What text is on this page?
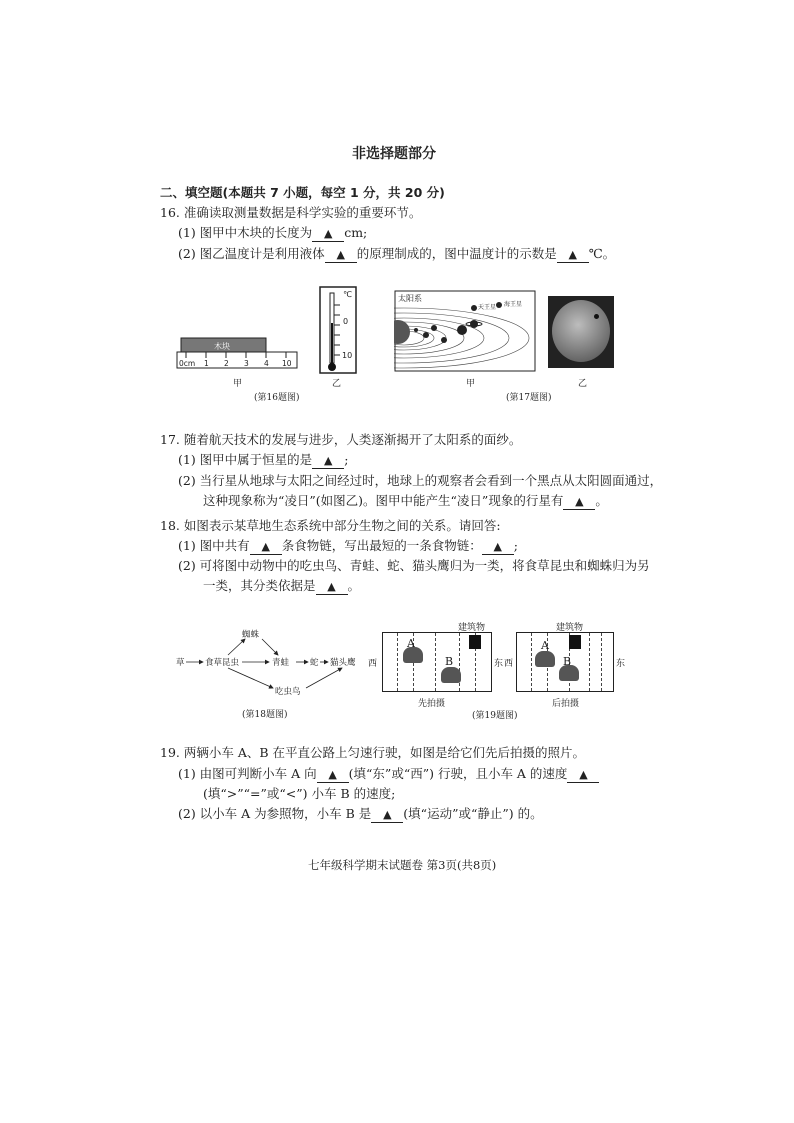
非选择题部分
二、填空题(本题共 7 小题，每空 1 分，共 20 分)
16. 准确读取测量数据是科学实验的重要环节。
(1) 图甲中木块的长度为 ▲ cm;
(2) 图乙温度计是利用液体 ▲ 的原理制成的，图中温度计的示数是 ▲ ℃。
木块
0cm 1 2 3 4 10
℃
0
10
甲	乙
(第16题图)
太阳系
天王星 海王星
甲	乙
(第17题图)
17. 随着航天技术的发展与进步，人类逐渐揭开了太阳系的面纱。
(1) 图甲中属于恒星的是 ▲ ;
(2) 当行星从地球与太阳之间经过时，地球上的观察者会看到一个黑点从太阳圆面通过，
这种现象称为“凌日”(如图乙)。图甲中能产生“凌日”现象的行星有 ▲ 。
18. 如图表示某草地生态系统中部分生物之间的关系。请回答:
(1) 图中共有 ▲ 条食物链，写出最短的一条食物链： ▲ ;
(2) 可将图中动物中的吃虫鸟、青蛙、蛇、猫头鹰归为一类，将食草昆虫和蜘蛛归为另
一类，其分类依据是 ▲ 。
草 食草昆虫
蜘蛛
青蛙 蛇 猫头鹰
吃虫鸟
(第18题图)
A
B
建筑物
西	东
先拍摄
A
B
建筑物
西	东
后拍摄
(第19题图)
19. 两辆小车 A、B 在平直公路上匀速行驶，如图是给它们先后拍摄的照片。
(1) 由图可判断小车 A 向 ▲ (填“东”或“西”) 行驶，且小车 A 的速度 ▲
(填“>”“=”或“<”) 小车 B 的速度;
(2) 以小车 A 为参照物，小车 B 是 ▲ (填“运动”或“静止”) 的。
七年级科学期末试题卷 第3页(共8页)
